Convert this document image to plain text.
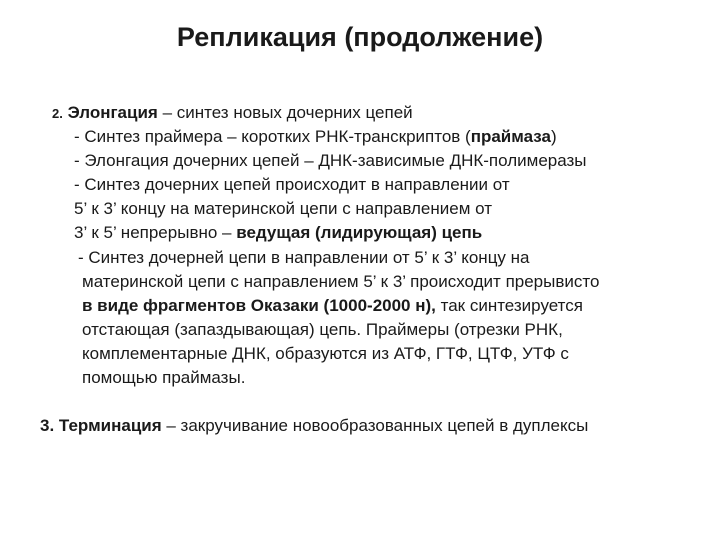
Репликация (продолжение)
2. Элонгация – синтез новых дочерних цепей
- Синтез праймера – коротких РНК-транскриптов (праймаза)
- Элонгация дочерних цепей – ДНК-зависимые ДНК-полимеразы
- Синтез дочерних цепей происходит в направлении от
5’ к 3’ концу на материнской цепи с направлением от
3’ к 5’ непрерывно – ведущая (лидирующая) цепь
- Синтез дочерней цепи в направлении от 5’ к 3’ концу на
материнской цепи с направлением 5’ к 3’ происходит прерывисто
в виде фрагментов Оказаки (1000-2000 н), так синтезируется
отстающая (запаздывающая) цепь. Праймеры (отрезки РНК,
комплементарные ДНК, образуются из АТФ, ГТФ, ЦТФ, УТФ с
помощью праймазы.
3. Терминация – закручивание новообразованных цепей в дуплексы
